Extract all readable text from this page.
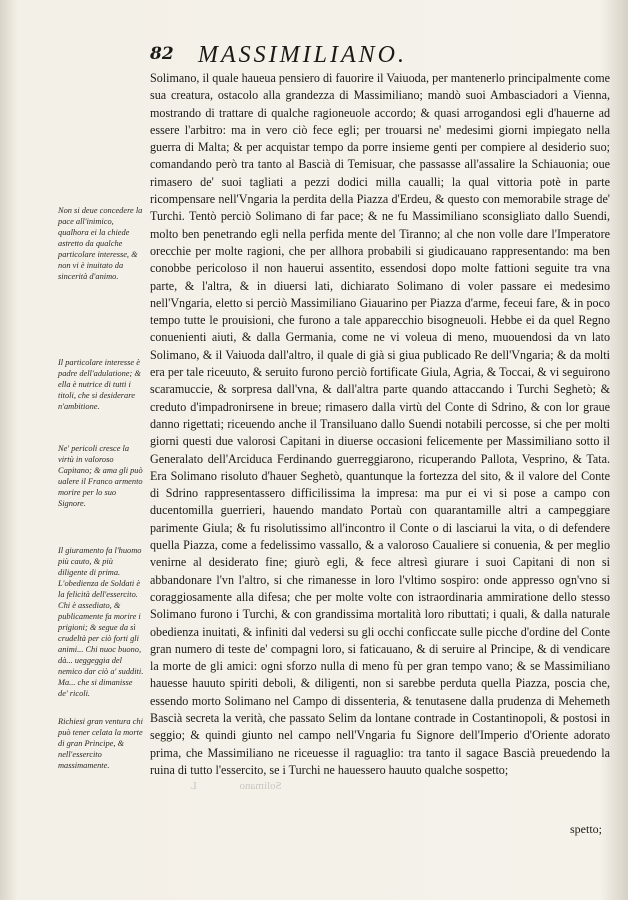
82 MASSIMILIANO.

Solimano, il quale haueua pensiero di fauorire il Vaiuoda, per mantenerlo principalmente come sua creatura, ostacolo alla grandezza di Massimiliano; mandò suoi Ambasciadori a Vienna, mostrando di trattare di qualche ragioneuole accordo; & quasi arrogandosi egli d'hauerne ad essere l'arbitro: ma in vero ciò fece egli; per trouarsi ne' medesimi giorni impiegato nella guerra di Malta; & per acquistar tempo da porre insieme genti per compiere al desiderio suo; comandando però tra tanto al Bascià di Temisuar, che passasse all'assalire la Schiauonia; oue rimasero de' suoi tagliati a pezzi dodici milla caualli; la qual vittoria potè in parte ricompensare nell'Vngaria la perdita della Piazza d'Erdeu, & questo con memorabile strage de' Turchi. Tentò perciò Solimano di far pace; & ne fu Massimiliano sconsigliato dallo Suendi, molto ben penetrando egli nella perfida mente del Tiranno; al che non volle dare l'Imperatore orecchie per molte ragioni, che per allhora probabili si giudicauano rappresentando: ma ben conobbe pericoloso il non hauerui assentito, essendosi dopo molte fattioni seguite tra vna parte, & l'altra, & in diuersi lati, dichiarato Solimano di voler passare ei medesimo nell'Vngaria, eletto si perciò Massimiliano Giauarino per Piazza d'arme, feceui fare, & in poco tempo tutte le prouisioni, che furono a tale apparecchio bisogneuoli. Hebbe ei da quel Regno conuenienti aiuti, & dalla Germania, come ne vi voleua di meno, muouendosi da vn lato Solimano, & il Vaiuoda dall'altro, il quale di già si giua publicado Re dell'Vngaria; & da molti era per tale riceuuto, & seruito furono perciò fortificate Giula, Agria, & Toccai, & vi seguirono scaramuccie, & sorpresa dall'vna, & dall'altra parte quando attaccando i Turchi Seghetò; & creduto d'impadronirsene in breue; rimasero dalla virtù del Conte di Sdrino, & con lor graue danno rigettati; riceuendo anche il Transiluano dallo Suendi notabili percosse, si che per molti giorni questi due valorosi Capitani in diuerse occasioni felicemente per Massimiliano sotto il Generalato dell'Arciduca Ferdinando guerreggiarono, ricuperando Pallota, Vesprino, & Tata. Era Solimano risoluto d'hauer Seghetò, quantunque la fortezza del sito, & il valore del Conte di Sdrino rappresentassero difficilissima la impresa: ma pur ei vi si pose a campo con ducentomilla guerrieri, hauendo mandato Portaù con quarantamille altri a campeggiare parimente Giula; & fu risolutissimo all'incontro il Conte o di lasciarui la vita, o di defendere quella Piazza, come a fedelissimo vassallo, & a valoroso Caualiere si conuenia, & per meglio venirne al desiderato fine; giurò egli, & fece altresì giurare i suoi Capitani di non si abbandonare l'vn l'altro, si che rimanesse in loro l'vltimo sospiro: onde appresso ogn'vno si coraggiosamente alla difesa; che per molte volte con istraordinaria ammiratione dello stesso Solimano furono i Turchi, & con grandissima mortalità loro ributtati; i quali, & dalla naturale obedienza inuitati, & infiniti dal vedersi su gli occhi conficcate sulle picche d'ordine del Conte gran numero di teste de' compagni loro, si faticauano, & di seruire al Principe, & di vendicare la morte de gli amici: ogni sforzo nulla di meno fù per gran tempo vano; & se Massimiliano hauesse hauuto spiriti deboli, & diligenti, non si sarebbe perduta quella Piazza, poscia che, essendo morto Solimano nel Campo di dissenteria, & tenutasene dalla prudenza di Mehemeth Bascià secreta la verità, che passato Selim da lontane contrade in Costantinopoli, & postosi in seggio; & quindi giunto nel campo nell'Vngaria fu Signore dell'Imperio d'Oriente adorato prima, che Massimiliano ne riceuesse il raguaglio: tra tanto il sagace Bascià preuedendo la ruina di tutto l'essercito, se i Turchi ne hauessero hauuto qualche sospetto;

Non si deue concedere la pace all'inimico, qualhora ei la chiede astretto da qualche particolare interesse, & non vi è inuitato da sincerità d'animo.
Il particolare interesse è padre dell'adulatione; & ella è nutrice di tutti i titoli, che si desiderare n'ambitione.
Ne' pericoli cresce la virtù in valoroso Capitano; & ama gli può ualere il Franco armento morire per lo suo Signore.
Il giuramento fa l'huomo più cauto, & più diligente di prima. L'obedienza de Soldati è la felicità dell'essercito. Chi è assediato, & publicamente fa morire i prigioni; & segue da sì crudeltà per ciò forti gli animi... Chi nuoc buono, dà... ueggeggia del nemico dar ciò a' sudditi. Ma... che si dimanisse de' ricoli.
Richiesi gran ventura chi può tener celata la morte di gran Principe, & nell'essercito massimamente.
Solimano L
spetto;
